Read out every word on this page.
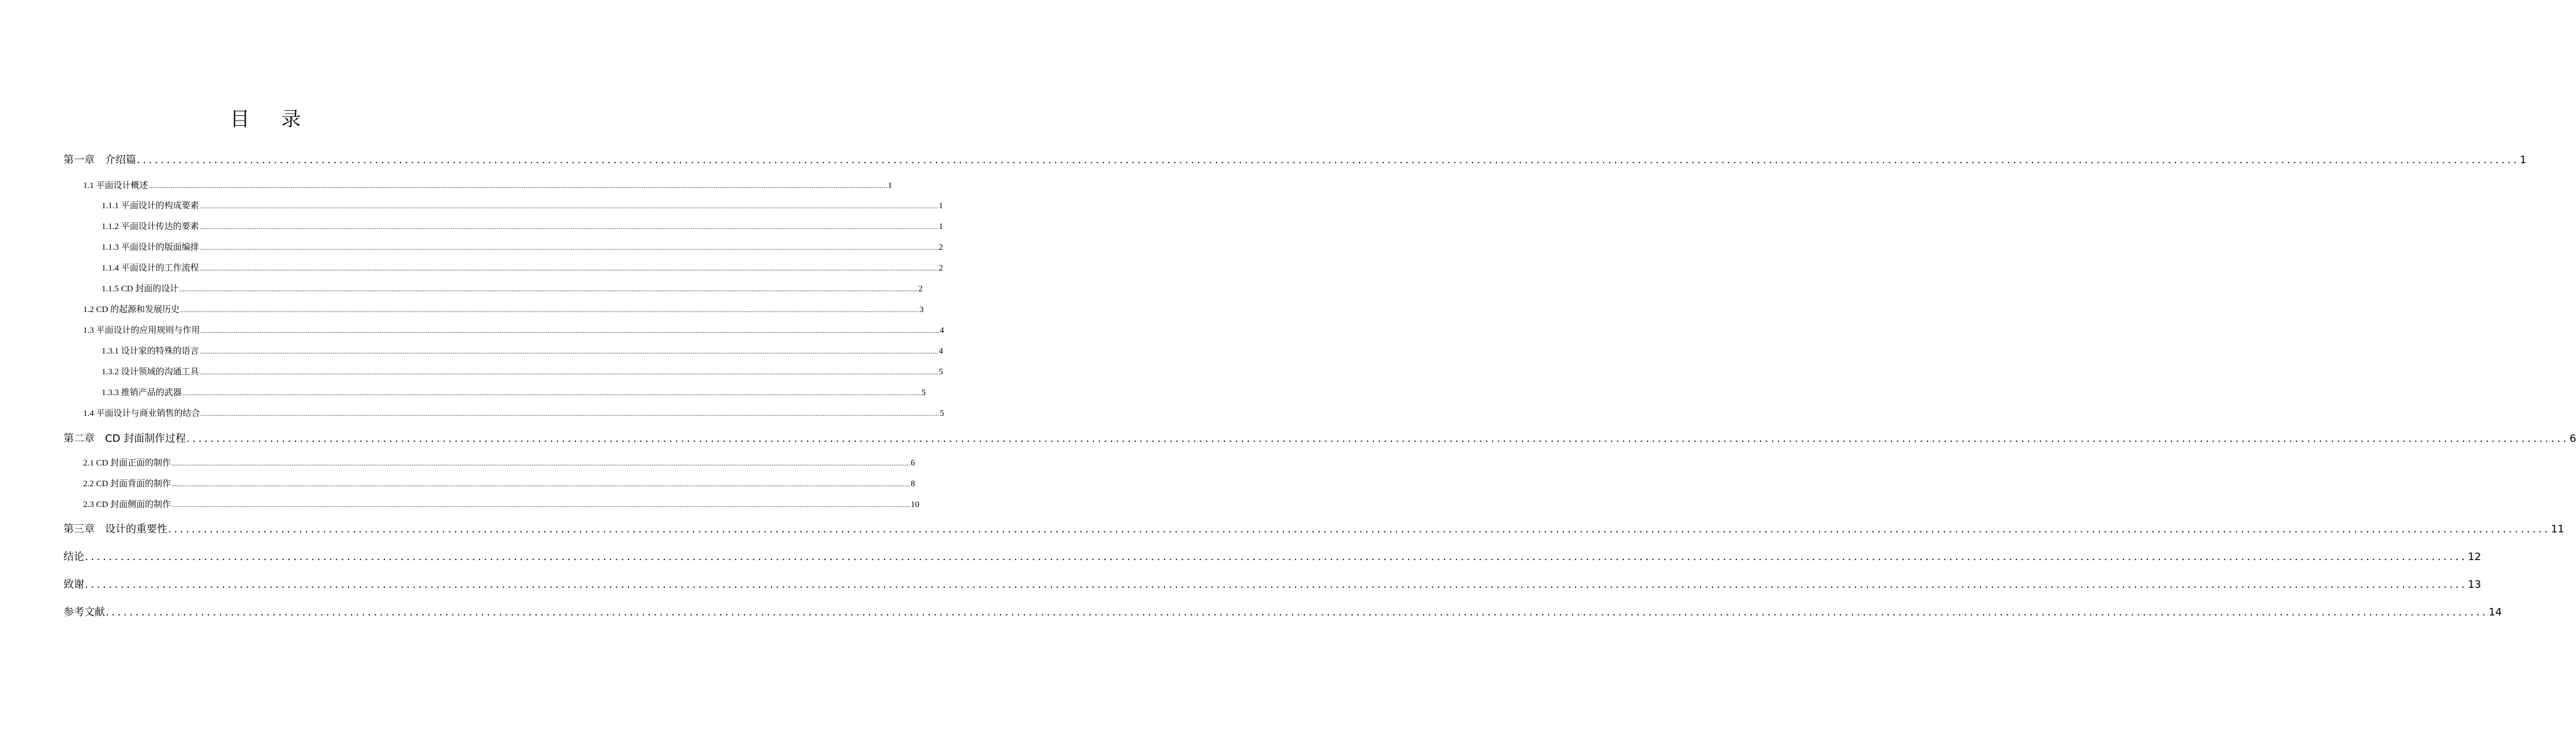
目 录
第一章　介绍篇 ................................................................................................................................................................................................................................................................................................................................................................................................................ 1
1.1 平面设计概述 ................................................................................................................................................................................................................................................................................................................................................................................................................ 1
1.1.1 平面设计的构成要素 ................................................................................................................................................................................................................................................................................................................................................................................................................ 1
1.1.2 平面设计传达的要素 ................................................................................................................................................................................................................................................................................................................................................................................................................ 1
1.1.3 平面设计的版面编排 ................................................................................................................................................................................................................................................................................................................................................................................................................ 2
1.1.4 平面设计的工作流程 ................................................................................................................................................................................................................................................................................................................................................................................................................ 2
1.1.5 CD 封面的设计 ................................................................................................................................................................................................................................................................................................................................................................................................................ 2
1.2 CD 的起源和发展历史 ................................................................................................................................................................................................................................................................................................................................................................................................................ 3
1.3 平面设计的应用规则与作用 ................................................................................................................................................................................................................................................................................................................................................................................................................ 4
1.3.1 设计家的特殊的语言 ................................................................................................................................................................................................................................................................................................................................................................................................................ 4
1.3.2 设计领域的沟通工具 ................................................................................................................................................................................................................................................................................................................................................................................................................ 5
1.3.3 推销产品的武器 ................................................................................................................................................................................................................................................................................................................................................................................................................ 5
1.4 平面设计与商业销售的结合 ................................................................................................................................................................................................................................................................................................................................................................................................................ 5
第二章　CD 封面制作过程 ................................................................................................................................................................................................................................................................................................................................................................................................................ 6
2.1 CD 封面正面的制作 ................................................................................................................................................................................................................................................................................................................................................................................................................ 6
2.2 CD 封面背面的制作 ................................................................................................................................................................................................................................................................................................................................................................................................................ 8
2.3 CD 封面侧面的制作 ................................................................................................................................................................................................................................................................................................................................................................................................................ 10
第三章　设计的重要性 ................................................................................................................................................................................................................................................................................................................................................................................................................ 11
结论 ................................................................................................................................................................................................................................................................................................................................................................................................................ 12
致谢 ................................................................................................................................................................................................................................................................................................................................................................................................................ 13
参考文献 ................................................................................................................................................................................................................................................................................................................................................................................................................ 14
